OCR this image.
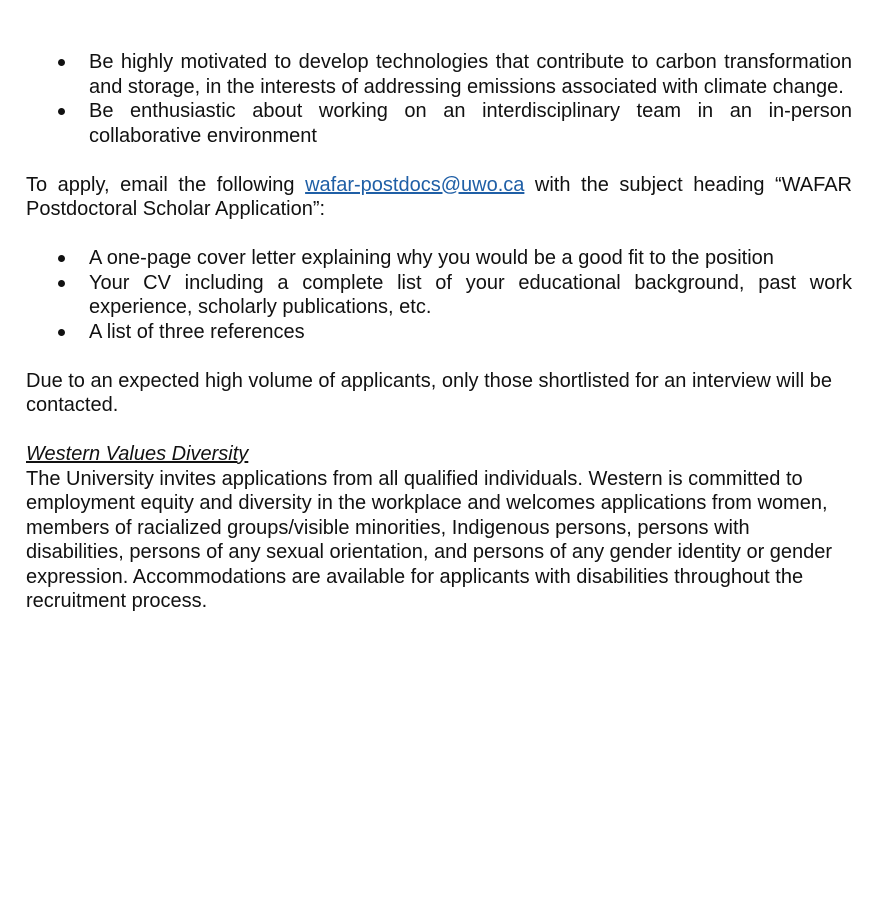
Be highly motivated to develop technologies that contribute to carbon transformation and storage, in the interests of addressing emissions associated with climate change.
Be enthusiastic about working on an interdisciplinary team in an in-person collaborative environment

To apply, email the following wafar-postdocs@uwo.ca with the subject heading “WAFAR Postdoctoral Scholar Application”:

A one-page cover letter explaining why you would be a good fit to the position
Your CV including a complete list of your educational background, past work experience, scholarly publications, etc.
A list of three references

Due to an expected high volume of applicants, only those shortlisted for an interview will be contacted.

Western Values Diversity

The University invites applications from all qualified individuals. Western is committed to employment equity and diversity in the workplace and welcomes applications from women, members of racialized groups/visible minorities, Indigenous persons, persons with disabilities, persons of any sexual orientation, and persons of any gender identity or gender expression. Accommodations are available for applicants with disabilities throughout the recruitment process.
